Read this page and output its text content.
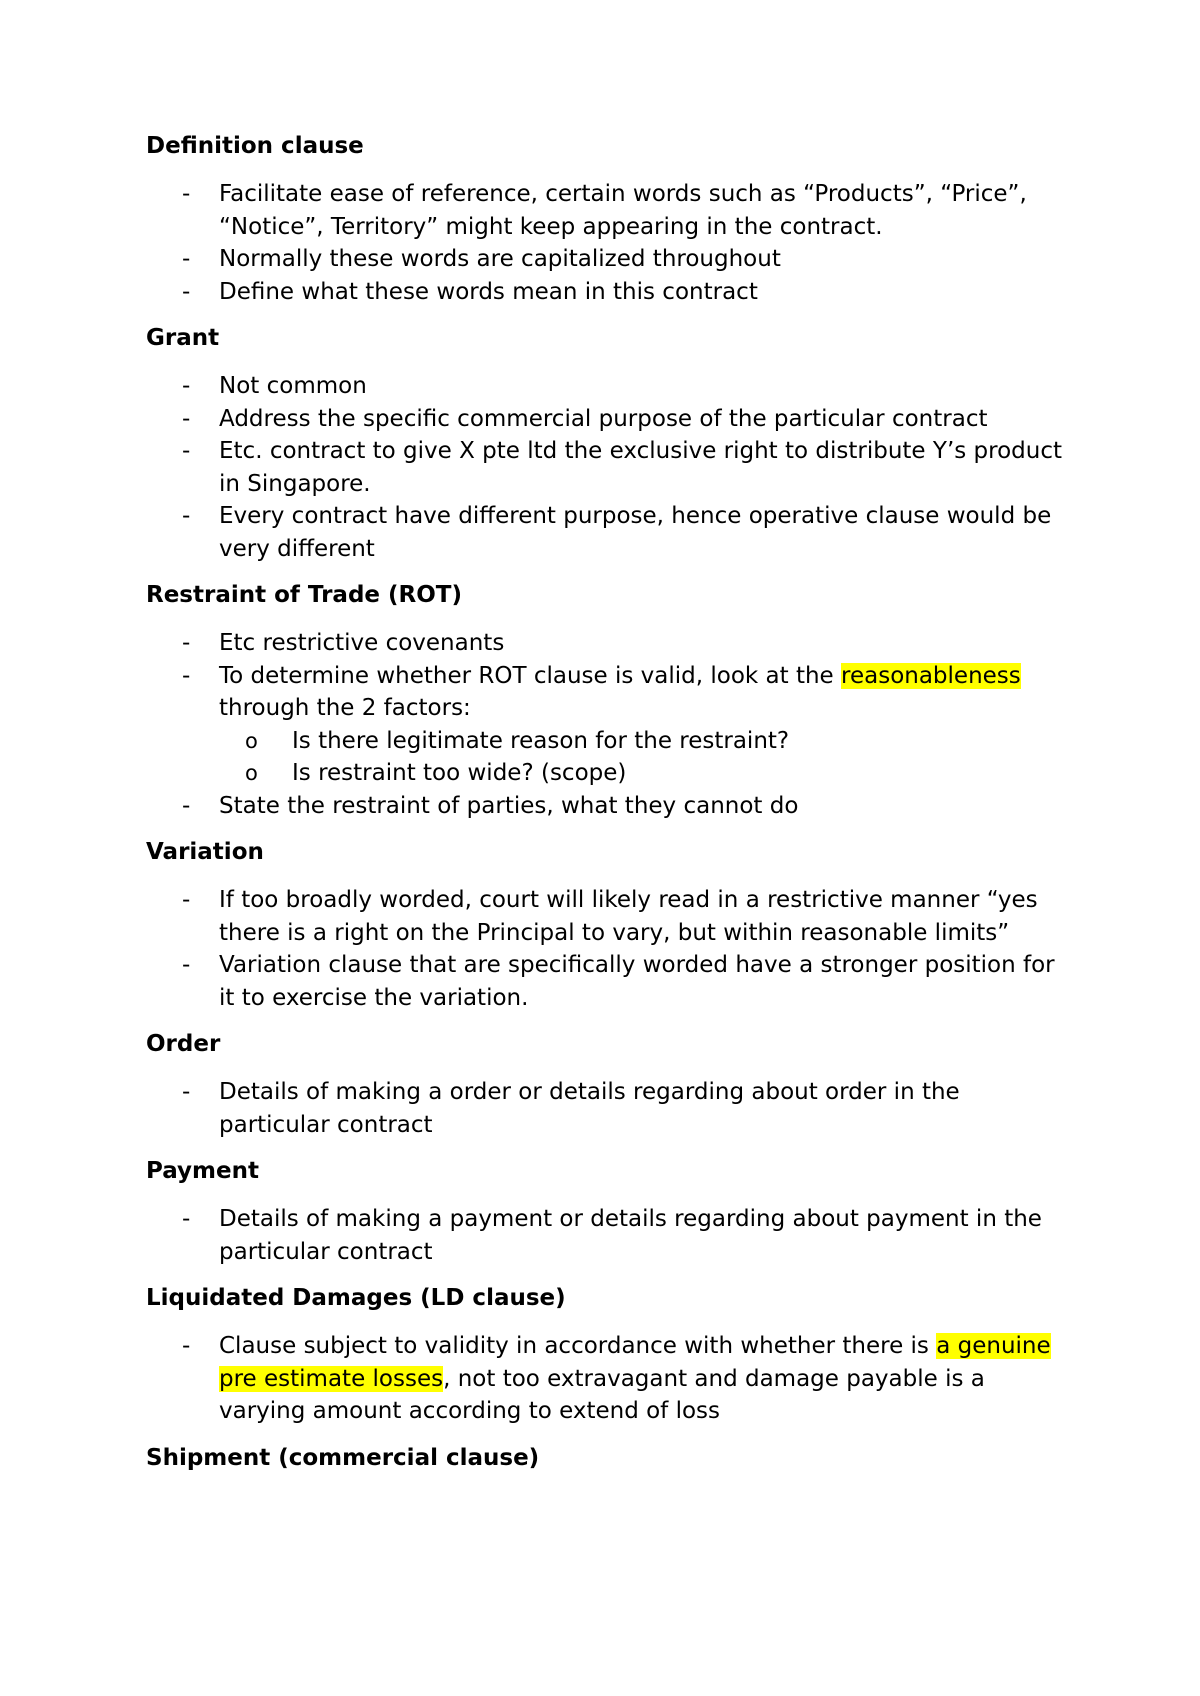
Definition clause
- Facilitate ease of reference, certain words such as “Products”, “Price”, “Notice”, Territory” might keep appearing in the contract.
- Normally these words are capitalized throughout
- Define what these words mean in this contract
Grant
- Not common
- Address the specific commercial purpose of the particular contract
- Etc. contract to give X pte ltd the exclusive right to distribute Y’s product in Singapore.
- Every contract have different purpose, hence operative clause would be very different
Restraint of Trade (ROT)
- Etc restrictive covenants
- To determine whether ROT clause is valid, look at the reasonableness through the 2 factors:
o Is there legitimate reason for the restraint?
o Is restraint too wide? (scope)
- State the restraint of parties, what they cannot do
Variation
- If too broadly worded, court will likely read in a restrictive manner “yes there is a right on the Principal to vary, but within reasonable limits”
- Variation clause that are specifically worded have a stronger position for it to exercise the variation.
Order
- Details of making a order or details regarding about order in the particular contract
Payment
- Details of making a payment or details regarding about payment in the particular contract
Liquidated Damages (LD clause)
- Clause subject to validity in accordance with whether there is a genuine pre estimate losses, not too extravagant and damage payable is a varying amount according to extend of loss
Shipment (commercial clause)
